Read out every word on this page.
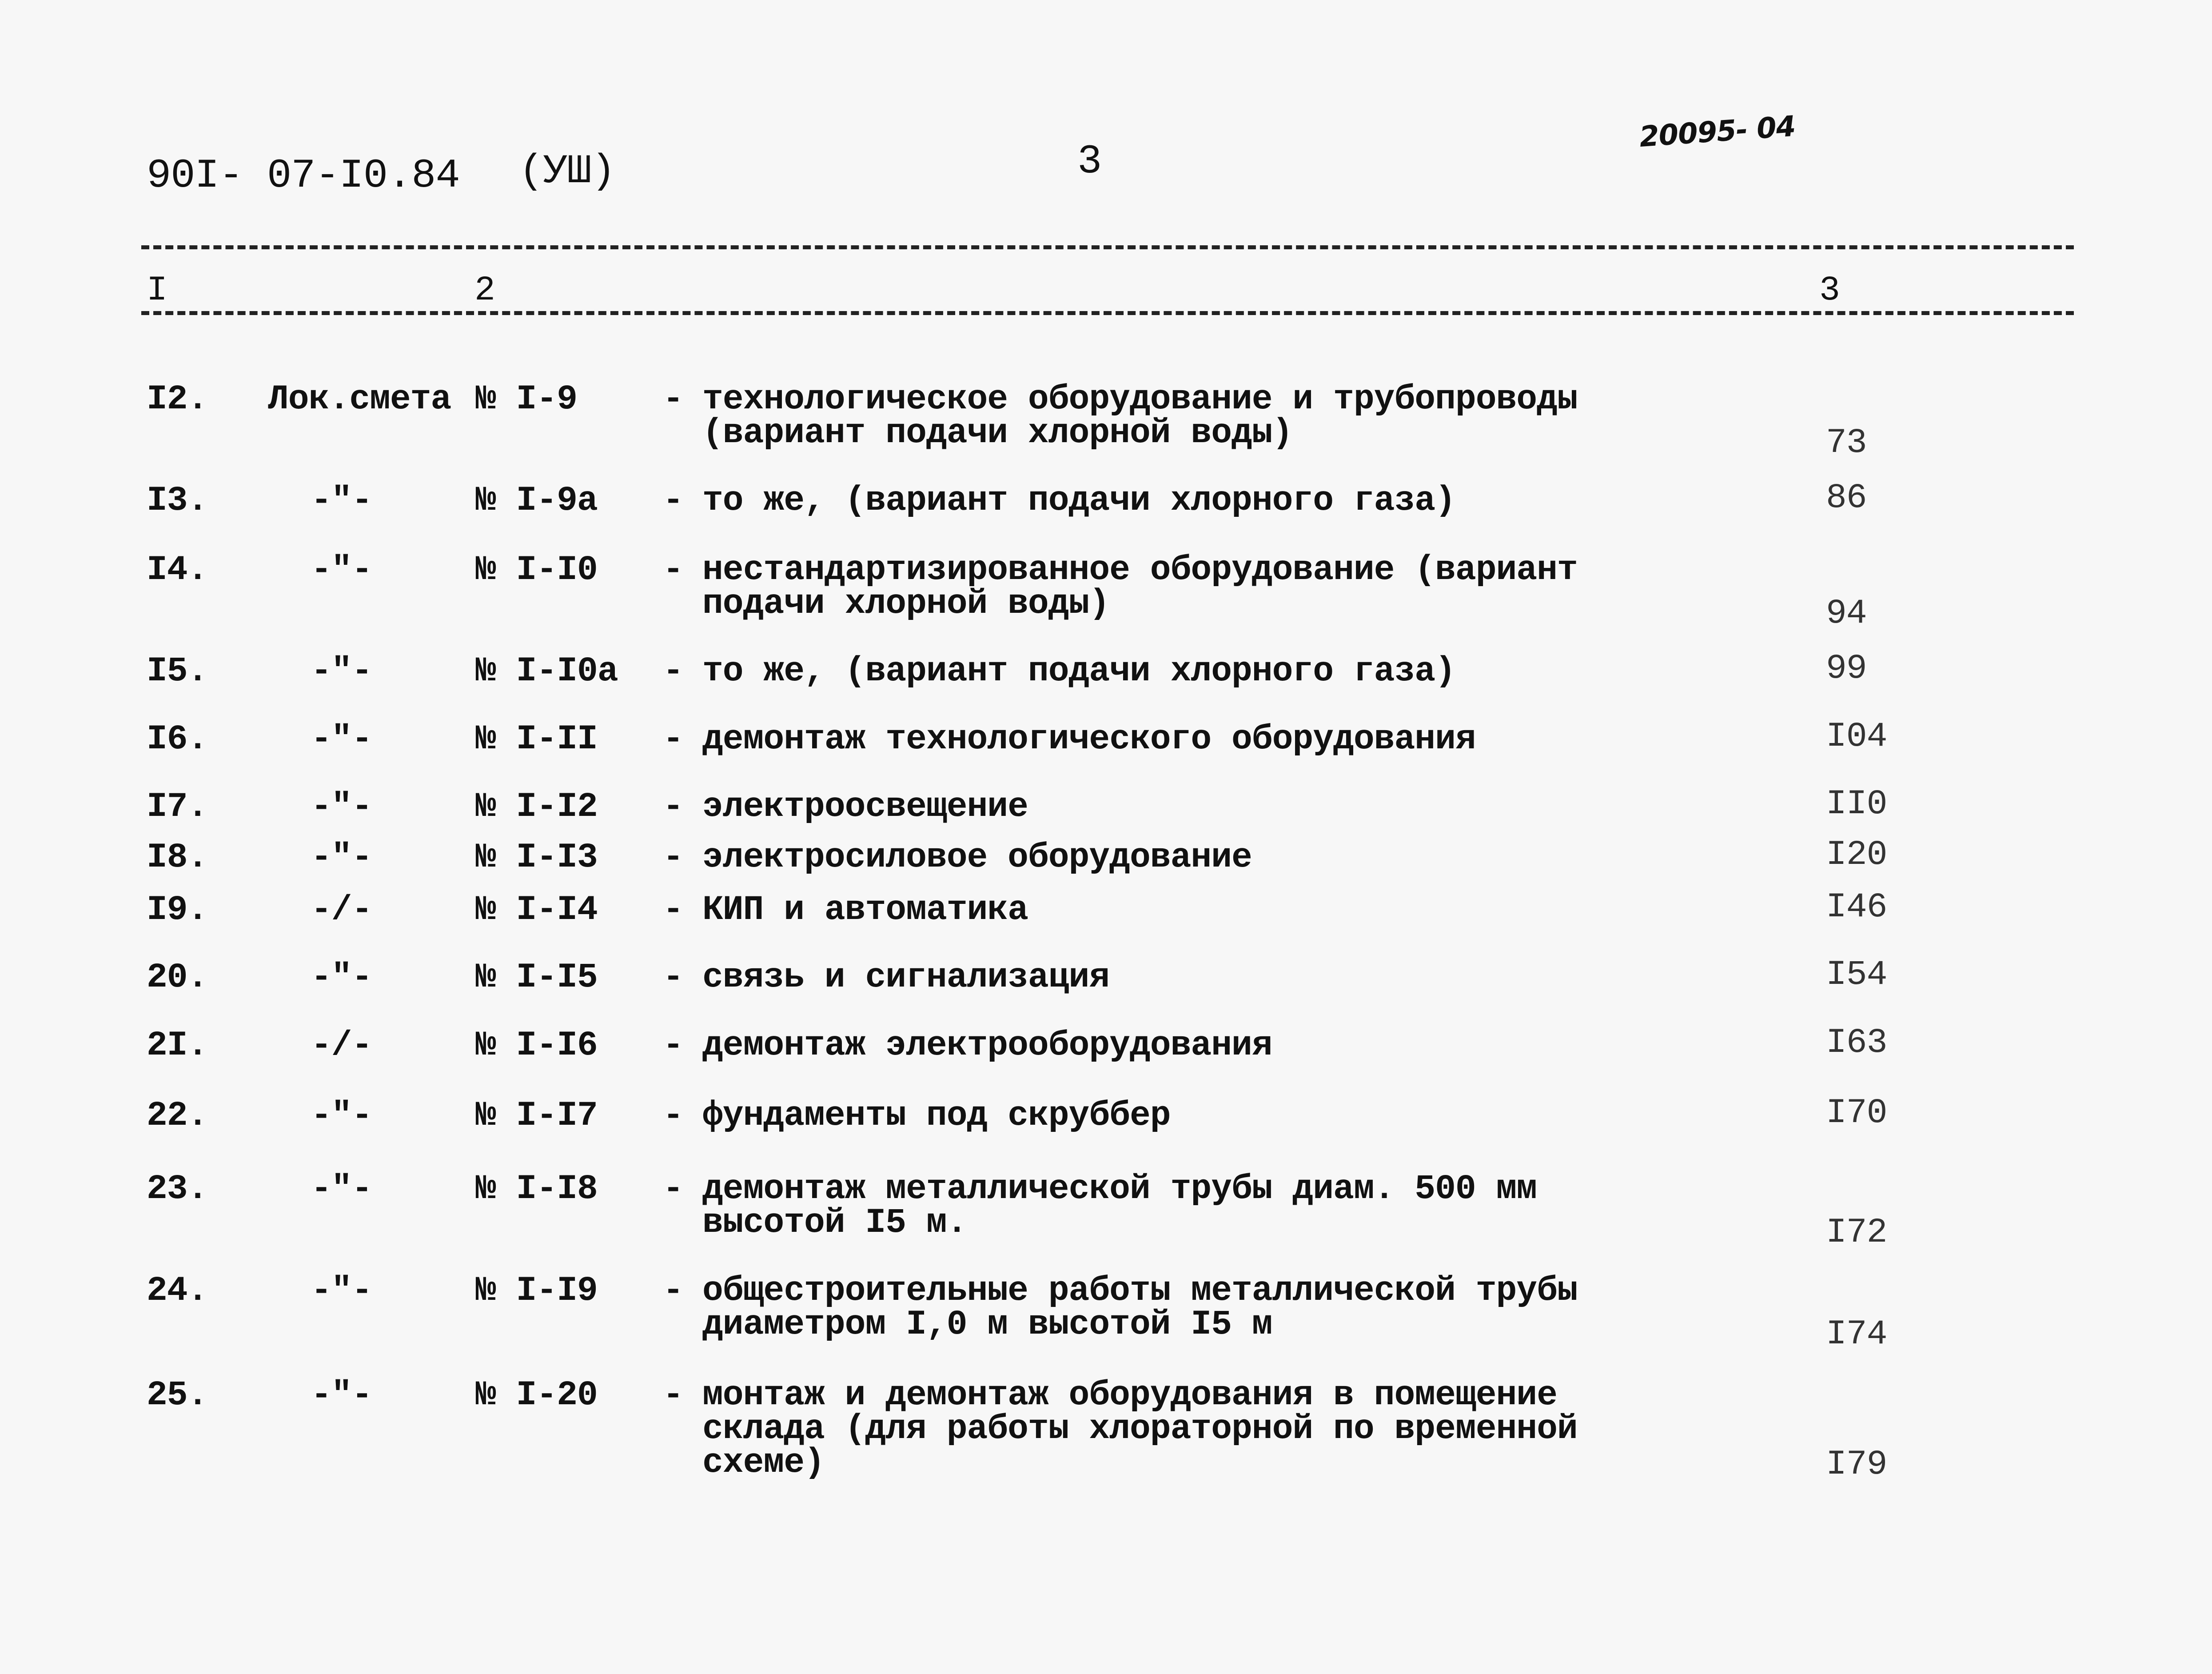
90I- 07-I0.84 (УШ)	3
20095- 04
I	2	3
I2. Лок.смета № I-9 - технологическое оборудование и трубопроводы
(вариант подачи хлорной воды)	73
I3.	-"-	№ I-9а - то же, (вариант подачи хлорного газа)	86
I4.	-"-	№ I-I0 - нестандартизированное оборудование (вариант
подачи хлорной воды)	94
I5.	-"-	№ I-I0а - то же, (вариант подачи хлорного газа)	99
I6.	-"-	№ I-II - демонтаж технологического оборудования	I04
I7.	-"-	№ I-I2 - электроосвещение	II0
I8.	-"-	№ I-I3 - электросиловое оборудование	I20
I9.	-/-	№ I-I4 - КИП и автоматика	I46
20.	-"-	№ I-I5 - связь и сигнализация	I54
2I.	-/-	№ I-I6 - демонтаж электрооборудования	I63
22.	-"-	№ I-I7 - фундаменты под скруббер	I70
23.	-"-	№ I-I8 - демонтаж металлической трубы диам. 500 мм
высотой I5 м.	I72
24.	-"-	№ I-I9 - общестроительные работы металлической трубы
диаметром I,0 м высотой I5 м	I74
25.	-"-	№ I-20 - монтаж и демонтаж оборудования в помещение
склада (для работы хлораторной по временной
схеме)	I79
